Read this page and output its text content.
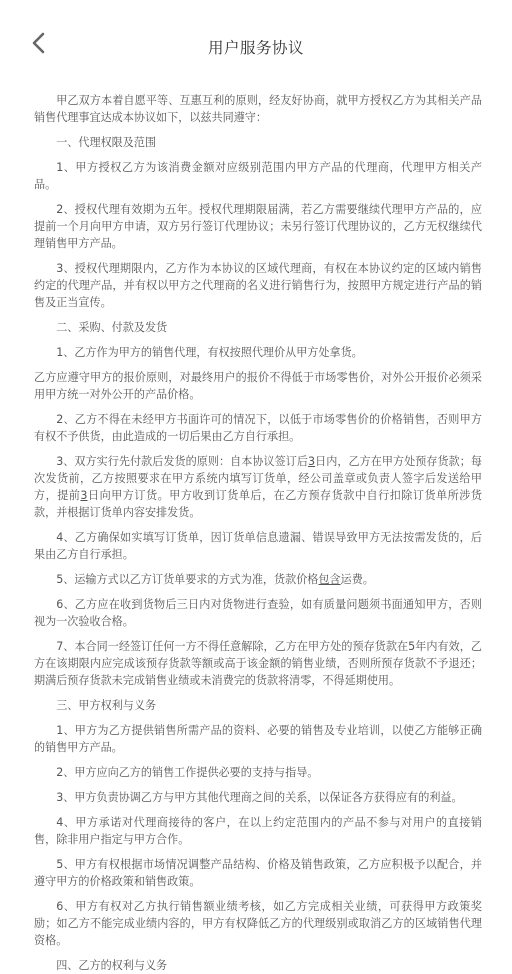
用户服务协议

甲乙双方本着自愿平等、互惠互利的原则，经友好协商，就甲方授权乙方为其相关产品销售代理事宜达成本协议如下，以兹共同遵守：

一、代理权限及范围

1、甲方授权乙方为该消费金额对应级别范围内甲方产品的代理商，代理甲方相关产品。

2、授权代理有效期为五年。授权代理期限届满，若乙方需要继续代理甲方产品的，应提前一个月向甲方申请，双方另行签订代理协议；未另行签订代理协议的，乙方无权继续代理销售甲方产品。

3、授权代理期限内，乙方作为本协议的区域代理商，有权在本协议约定的区域内销售约定的代理产品，并有权以甲方之代理商的名义进行销售行为，按照甲方规定进行产品的销售及正当宣传。

二、采购、付款及发货

1、乙方作为甲方的销售代理，有权按照代理价从甲方处拿货。

乙方应遵守甲方的报价原则，对最终用户的报价不得低于市场零售价，对外公开报价必须采用甲方统一对外公开的产品价格。

2、乙方不得在未经甲方书面许可的情况下，以低于市场零售价的价格销售，否则甲方有权不予供货，由此造成的一切后果由乙方自行承担。

3、双方实行先付款后发货的原则：自本协议签订后3日内，乙方在甲方处预存货款；每次发货前，乙方按照要求在甲方系统内填写订货单，经公司盖章或负责人签字后发送给甲方，提前3日向甲方订货。甲方收到订货单后，在乙方预存货款中自行扣除订货单所涉货款，并根据订货单内容安排发货。

4、乙方确保如实填写订货单，因订货单信息遗漏、错误导致甲方无法按需发货的，后果由乙方自行承担。

5、运输方式以乙方订货单要求的方式为准，货款价格包含运费。

6、乙方应在收到货物后三日内对货物进行查验，如有质量问题须书面通知甲方，否则视为一次验收合格。

7、本合同一经签订任何一方不得任意解除，乙方在甲方处的预存货款在5年内有效，乙方在该期限内应完成该预存货款等额或高于该金额的销售业绩，否则所预存货款不予退还；期满后预存货款未完成销售业绩或未消费完的货款将清零，不得延期使用。

三、甲方权利与义务

1、甲方为乙方提供销售所需产品的资料、必要的销售及专业培训，以使乙方能够正确的销售甲方产品。

2、甲方应向乙方的销售工作提供必要的支持与指导。

3、甲方负责协调乙方与甲方其他代理商之间的关系，以保证各方获得应有的利益。

4、甲方承诺对代理商接待的客户，在以上约定范围内的产品不参与对用户的直接销售，除非用户指定与甲方合作。

5、甲方有权根据市场情况调整产品结构、价格及销售政策，乙方应积极予以配合，并遵守甲方的价格政策和销售政策。

6、甲方有权对乙方执行销售额业绩考核，如乙方完成相关业绩，可获得甲方政策奖励；如乙方不能完成业绩内容的，甲方有权降低乙方的代理级别或取消乙方的区域销售代理资格。

四、乙方的权利与义务
